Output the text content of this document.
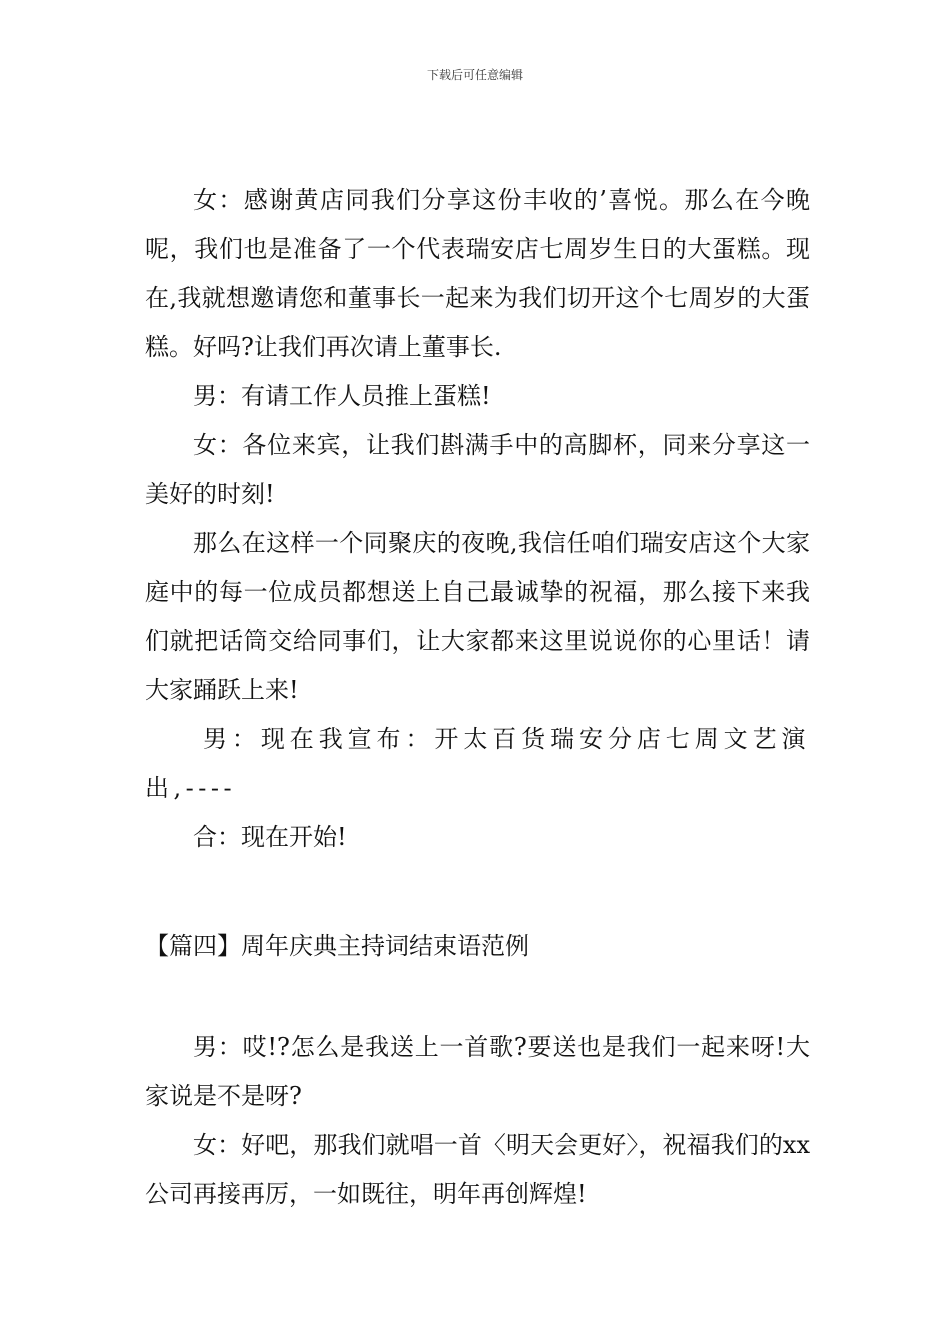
下载后可任意编辑

女：感谢黄店同我们分享这份丰收的’喜悦。那么在今晚呢，我们也是准备了一个代表瑞安店七周岁生日的大蛋糕。现在,我就想邀请您和董事长一起来为我们切开这个七周岁的大蛋糕。好吗?让我们再次请上董事长.

男：有请工作人员推上蛋糕!

女：各位来宾，让我们斟满手中的高脚杯，同来分享这一美好的时刻!

那么在这样一个同聚庆的夜晚,我信任咱们瑞安店这个大家庭中的每一位成员都想送上自己最诚挚的祝福，那么接下来我们就把话筒交给同事们，让大家都来这里说说你的心里话！请大家踊跃上来!

男：现在我宣布：开太百货瑞安分店七周文艺演出,----

合：现在开始!

【篇四】周年庆典主持词结束语范例

男：哎!?怎么是我送上一首歌?要送也是我们一起来呀!大家说是不是呀?

女：好吧，那我们就唱一首〈明天会更好〉，祝福我们的xx公司再接再厉，一如既往，明年再创辉煌!
